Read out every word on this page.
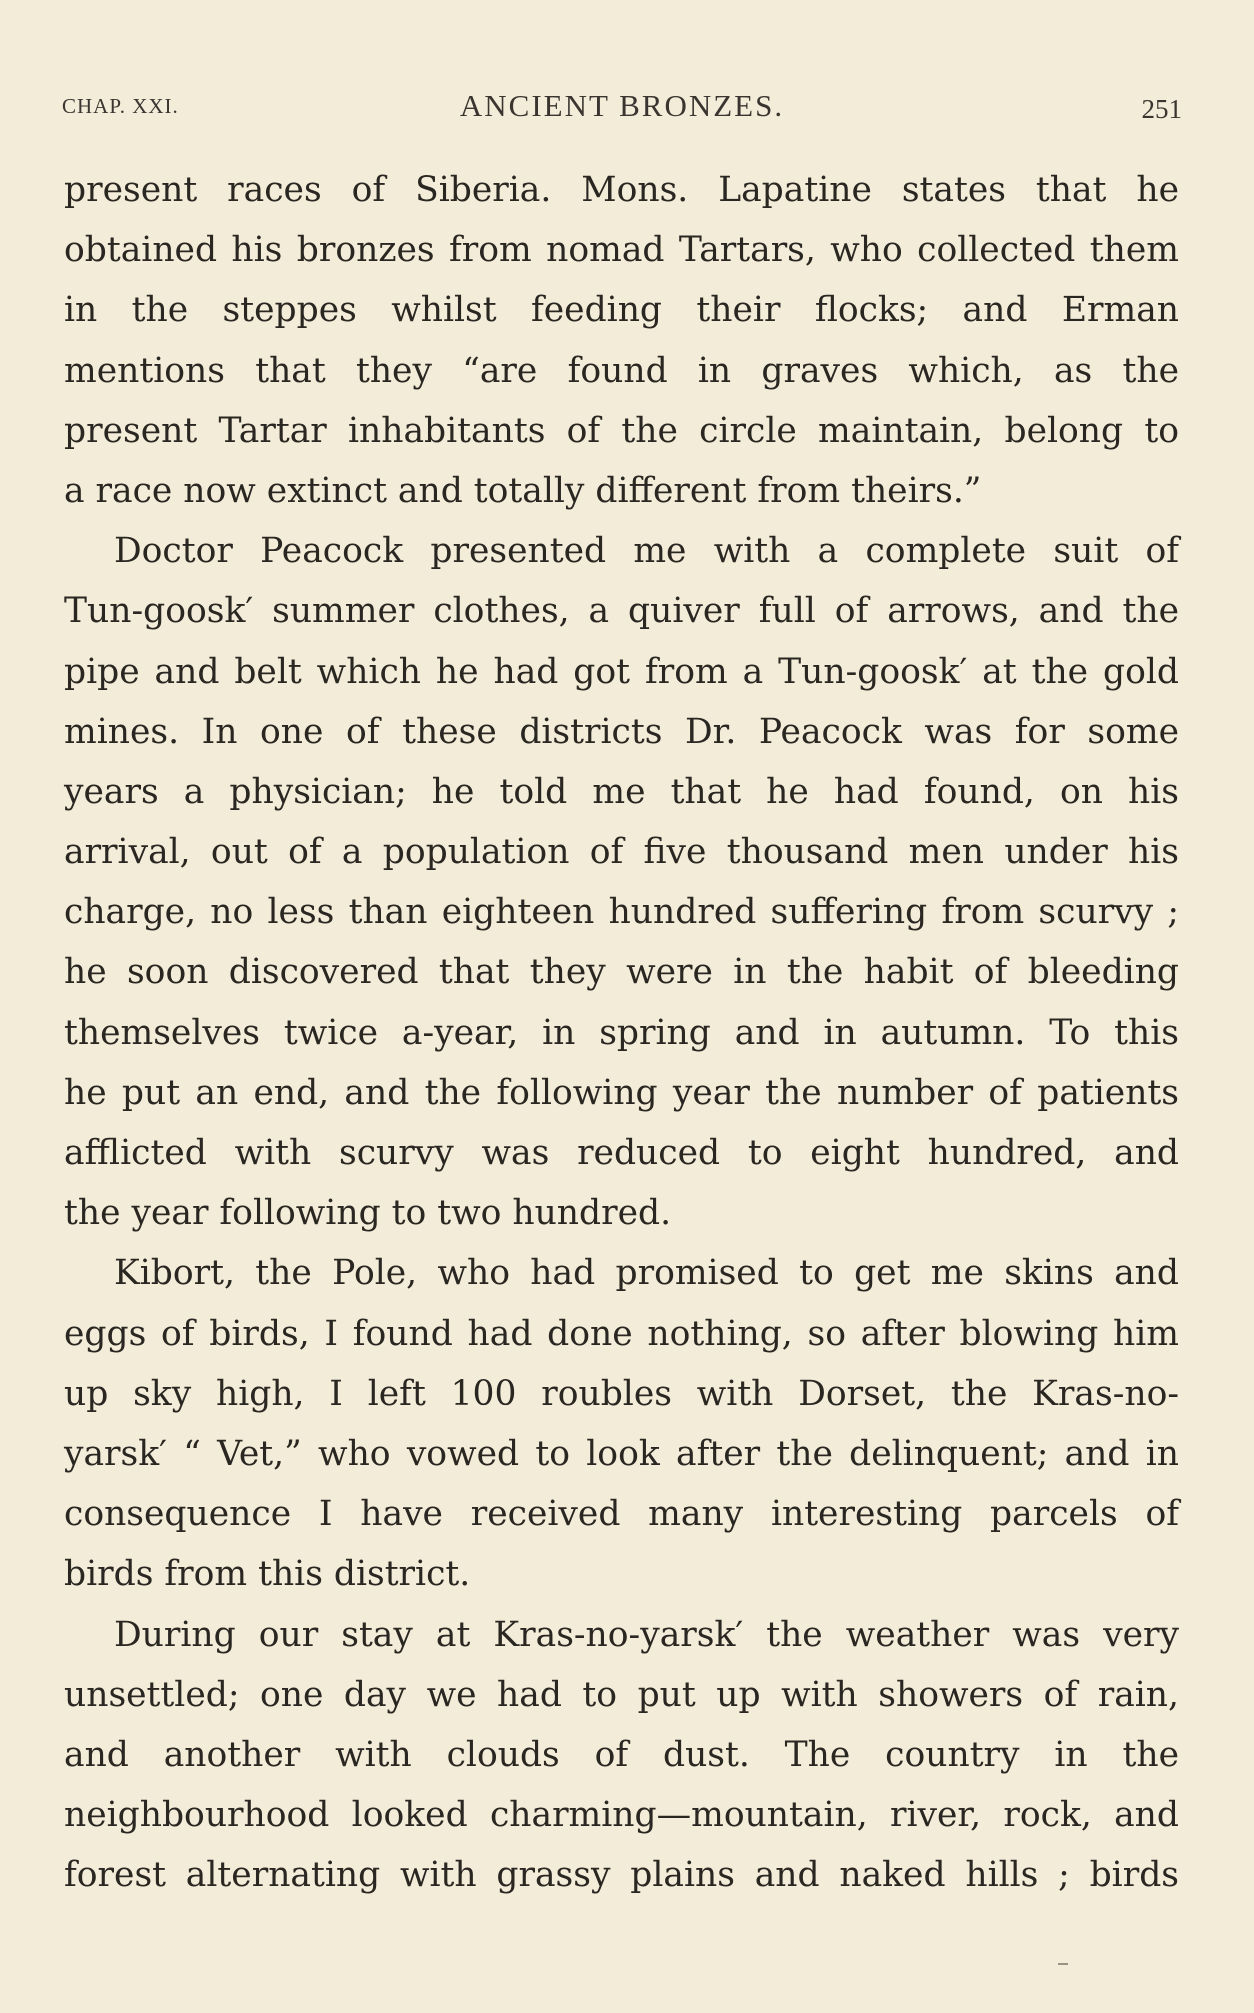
CHAP. XXI.	ANCIENT BRONZES.	251
present races of Siberia. Mons. Lapatine states that he
obtained his bronzes from nomad Tartars, who collected them
in the steppes whilst feeding their flocks; and Erman
mentions that they “are found in graves which, as the
present Tartar inhabitants of the circle maintain, belong to
a race now extinct and totally different from theirs.”
Doctor Peacock presented me with a complete suit of
Tun-goosk′ summer clothes, a quiver full of arrows, and the
pipe and belt which he had got from a Tun-goosk′ at the gold
mines. In one of these districts Dr. Peacock was for some
years a physician; he told me that he had found, on his
arrival, out of a population of five thousand men under his
charge, no less than eighteen hundred suffering from scurvy ;
he soon discovered that they were in the habit of bleeding
themselves twice a-year, in spring and in autumn. To this
he put an end, and the following year the number of patients
afflicted with scurvy was reduced to eight hundred, and
the year following to two hundred.
Kibort, the Pole, who had promised to get me skins and
eggs of birds, I found had done nothing, so after blowing him
up sky high, I left 100 roubles with Dorset, the Kras-no-
yarsk′ “ Vet,” who vowed to look after the delinquent; and in
consequence I have received many interesting parcels of
birds from this district.
During our stay at Kras-no-yarsk′ the weather was very
unsettled; one day we had to put up with showers of rain,
and another with clouds of dust. The country in the
neighbourhood looked charming—mountain, river, rock, and
forest alternating with grassy plains and naked hills ; birds
